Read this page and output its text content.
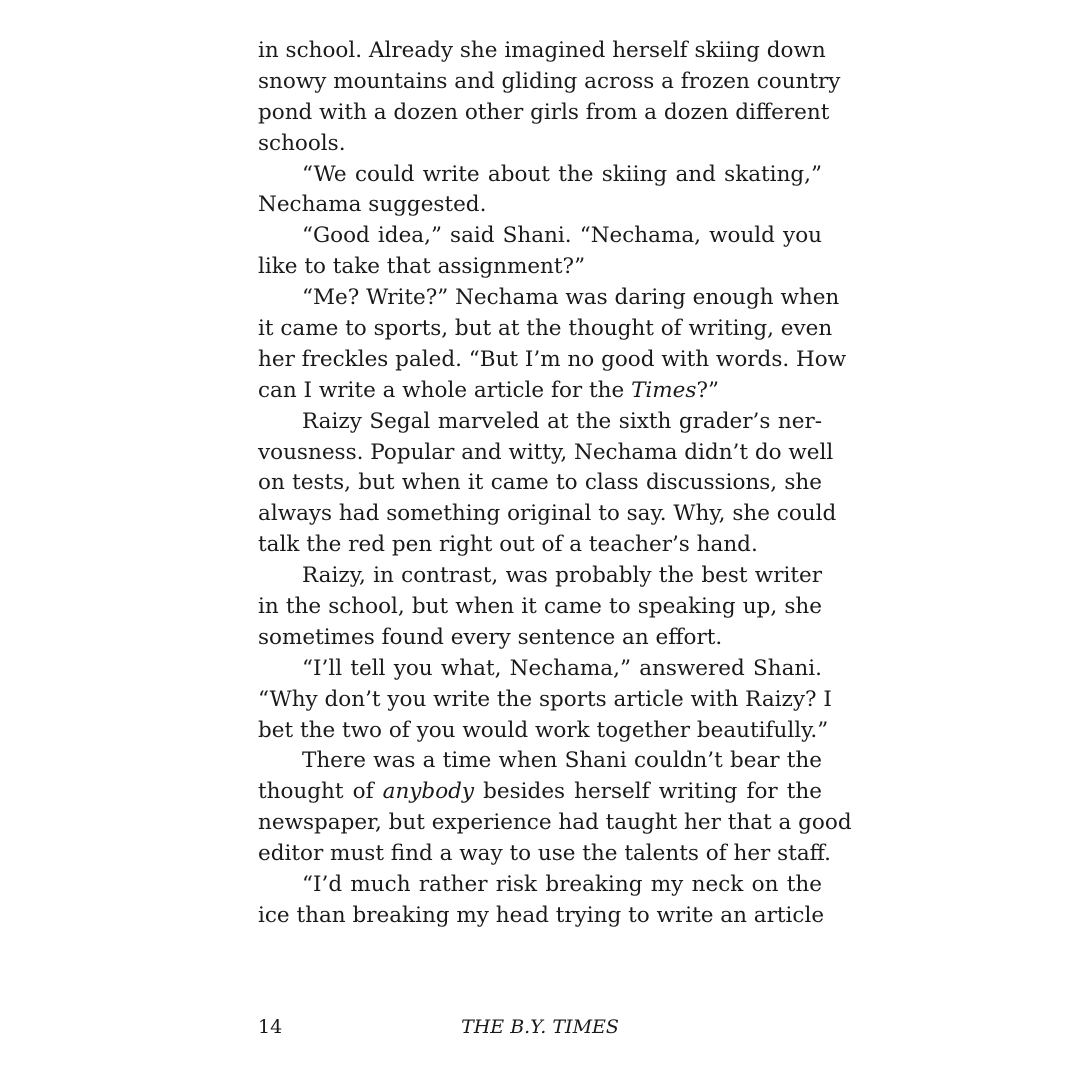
in school. Already she imagined herself skiing down
snowy mountains and gliding across a frozen country
pond with a dozen other girls from a dozen different
schools.
“We could write about the skiing and skating,”
Nechama suggested.
“Good idea,” said Shani. “Nechama, would you
like to take that assignment?”
“Me? Write?” Nechama was daring enough when
it came to sports, but at the thought of writing, even
her freckles paled. “But I’m no good with words. How
can I write a whole article for the Times?”
Raizy Segal marveled at the sixth grader’s ner-
vousness. Popular and witty, Nechama didn’t do well
on tests, but when it came to class discussions, she
always had something original to say. Why, she could
talk the red pen right out of a teacher’s hand.
Raizy, in contrast, was probably the best writer
in the school, but when it came to speaking up, she
sometimes found every sentence an effort.
“I’ll tell you what, Nechama,” answered Shani.
“Why don’t you write the sports article with Raizy? I
bet the two of you would work together beautifully.”
There was a time when Shani couldn’t bear the
thought of anybody besides herself writing for the
newspaper, but experience had taught her that a good
editor must find a way to use the talents of her staff.
“I’d much rather risk breaking my neck on the
ice than breaking my head trying to write an article
14	THE B.Y. TIMES
